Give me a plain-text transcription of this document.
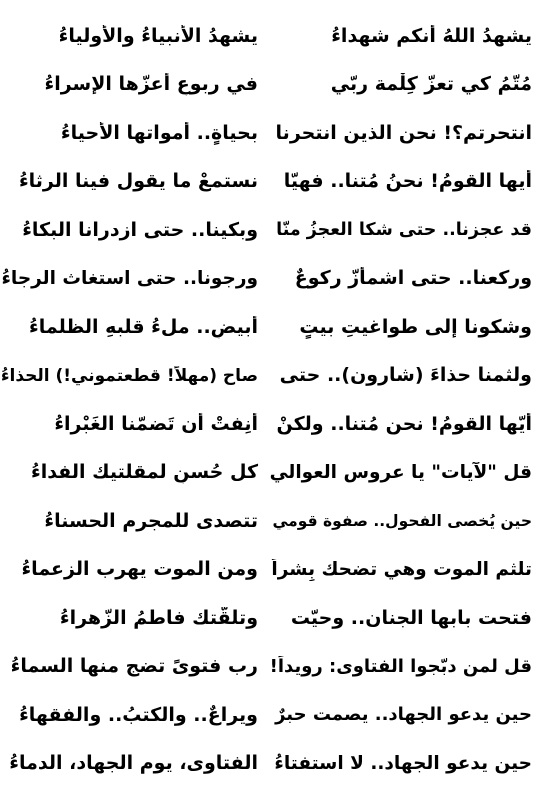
يشهدُ اللهُ أنكم شهداءُ
يشهدُ الأنبياءُ والأولياءُ
مُتّمُ كي تعزّ كِلْمة ربّي
في ربوعٍ أعزّها الإسراءُ
انتحرتم؟! نحن الذين انتحرنا
بحياةٍ.. أمواتها الأحياءُ
أيها القومُ! نحنُ مُتنا.. فهيّا
نستمعْ ما يقول فينا الرثاءُ
قد عجزنا.. حتى شكا العجزُ منّا
وبكينا.. حتى ازدرانا البكاءُ
وركعنا.. حتى اشمأزّ ركوعٌ
ورجونا.. حتى استغاث الرجاءُ
وشكونا إلى طواغيتِ بيتٍ
أبيضٍ.. ملءُ قلبهِ الظلماءُ
ولثمنا حذاءَ (شارون).. حتى
صاح (مهلاً! قطعتموني!) الحذاءُ
أيّها القومُ! نحن مُتنا.. ولكنْ
أنِفتْ أن تَضمّنا الغَبْراءُ
قل "لآيات" يا عروس العوالي
كل حُسنٍ لمقلتيك الفداءُ
حين يُخصى الفحول.. صفوة قومي
تتصدى للمجرم الحسناءُ
تلثم الموت وهي تضحك بِشراً
ومن الموت يهرب الزعماءُ
فتحت بابها الجنان.. وحيّت
وتلقّتك فاطمُ الزّهراءُ
قل لمن دبّجوا الفتاوى: رويداً!
رب فتوىً تضج منها السماءُ
حين يدعو الجهاد.. يصمت حبرٌ
ويراعٌ.. والكتبُ.. والفقهاءُ
حين يدعو الجهاد.. لا استفتاءُ
الفتاوى، يوم الجهاد، الدماءُ
